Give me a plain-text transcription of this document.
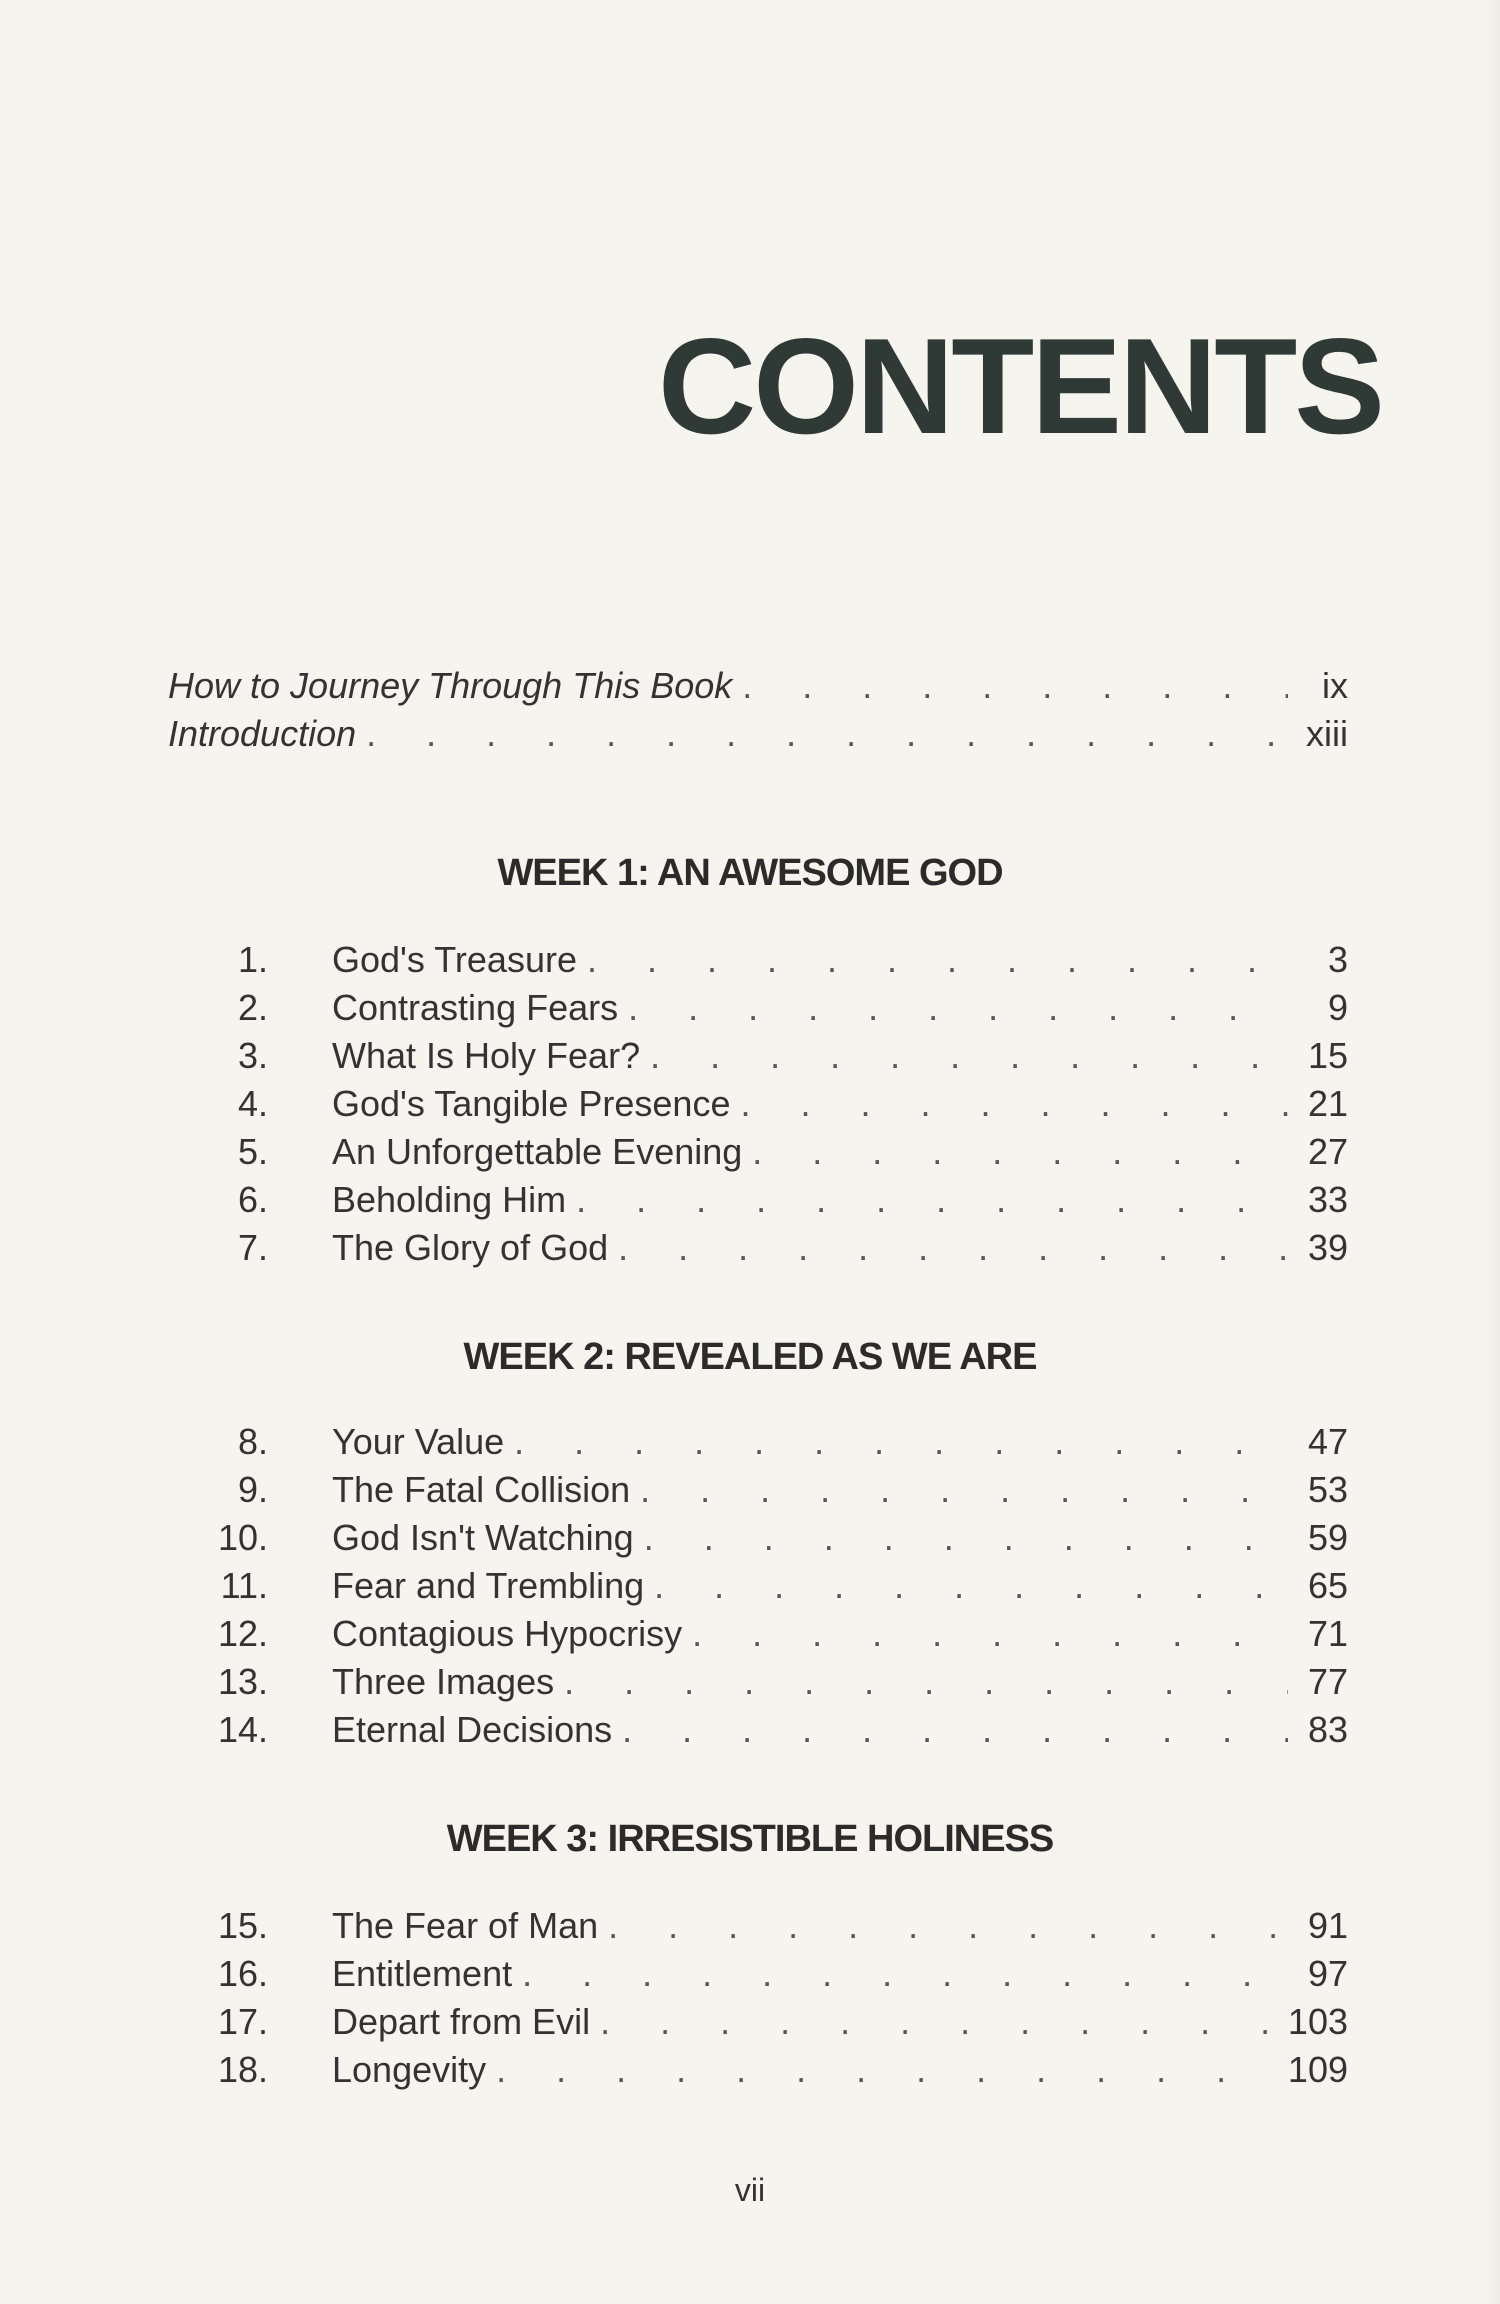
CONTENTS
How to Journey Through This Book . . .	ix
Introduction . . .	xiii
WEEK 1: AN AWESOME GOD
1. God's Treasure . . .	3
2. Contrasting Fears . . .	9
3. What Is Holy Fear? . . .	15
4. God's Tangible Presence . . .	21
5. An Unforgettable Evening . . .	27
6. Beholding Him . . .	33
7. The Glory of God . . .	39
WEEK 2: REVEALED AS WE ARE
8. Your Value . . .	47
9. The Fatal Collision . . .	53
10. God Isn't Watching . . .	59
11. Fear and Trembling . . .	65
12. Contagious Hypocrisy . . .	71
13. Three Images . . .	77
14. Eternal Decisions . . .	83
WEEK 3: IRRESISTIBLE HOLINESS
15. The Fear of Man . . .	91
16. Entitlement . . .	97
17. Depart from Evil . . .	103
18. Longevity . . .	109
vii
